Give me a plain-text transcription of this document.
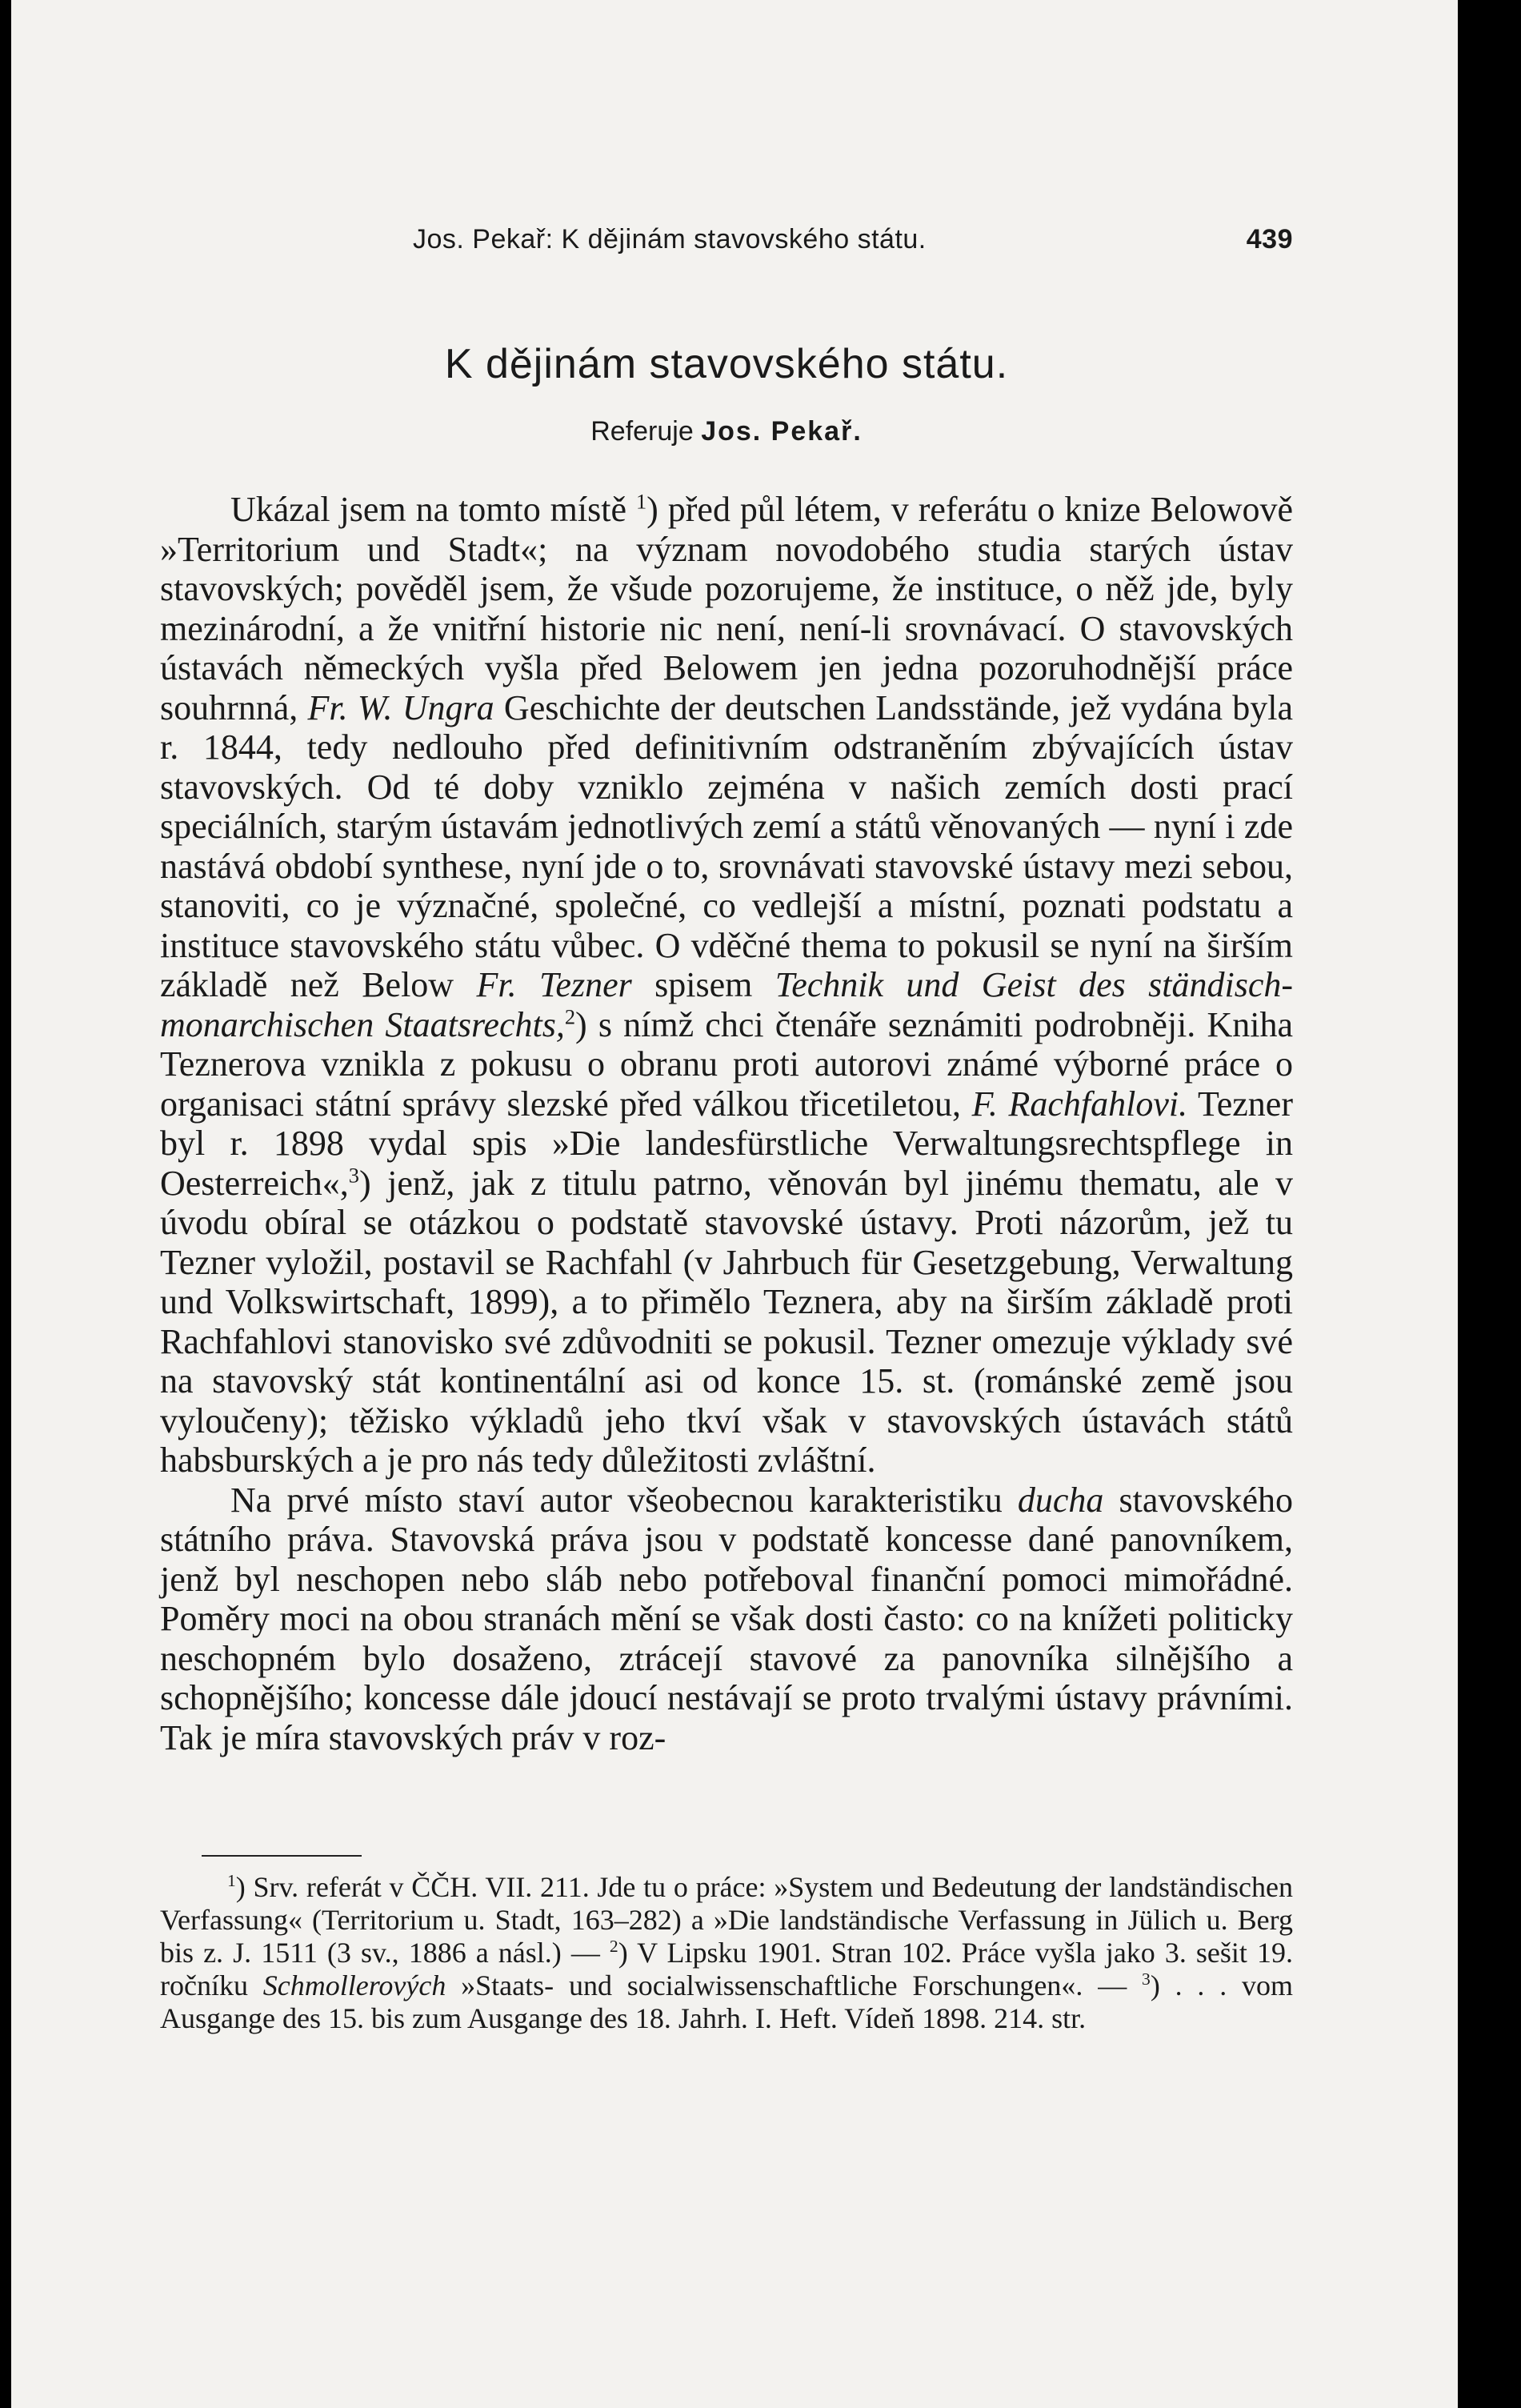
Jos. Pekař: K dějinám stavovského státu.	439
K dějinám stavovského státu.
Referuje Jos. Pekař.

Ukázal jsem na tomto místě $^1$) před půl létem, v referátu o knize Belowově »Territorium und Stadt«; na význam novodobého studia starých ústav stavovských; pověděl jsem, že všude pozorujeme, že instituce, o něž jde, byly mezinárodní, a že vnitřní historie nic není, není-li srovnávací. O stavovských ústavách německých vyšla před Belowem jen jedna pozoruhodnější práce souhrnná, Fr. W. Ungra Geschichte der deutschen Landsstände, jež vydána byla r. 1844, tedy nedlouho před definitivním odstraněním zbývajících ústav stavovských. Od té doby vzniklo zejména v našich zemích dosti prací speciálních, starým ústavám jednotlivých zemí a států věnovaných — nyní i zde nastává období synthese, nyní jde o to, srovnávati stavovské ústavy mezi sebou, stanoviti, co je význačné, společné, co vedlejší a místní, poznati podstatu a instituce stavovského státu vůbec. O vděčné thema to pokusil se nyní na širším základě než Below Fr. Tezner spisem Technik und Geist des ständisch-monarchischen Staatsrechts,$^2$) s nímž chci čtenáře seznámiti podrobněji. Kniha Teznerova vznikla z pokusu o obranu proti autorovi známé výborné práce o organisaci státní správy slezské před válkou třicetiletou, F. Rachfahlovi. Tezner byl r. 1898 vydal spis »Die landesfürstliche Verwaltungsrechtspflege in Oesterreich«,$^3$) jenž, jak z titulu patrno, věnován byl jinému thematu, ale v úvodu obíral se otázkou o podstatě stavovské ústavy. Proti názorům, jež tu Tezner vyložil, postavil se Rachfahl (v Jahrbuch für Gesetzgebung, Verwaltung und Volkswirtschaft, 1899), a to přimělo Teznera, aby na širším základě proti Rachfahlovi stanovisko své zdůvodniti se pokusil. Tezner omezuje výklady své na stavovský stát kontinentální asi od konce 15. st. (románské země jsou vyloučeny); těžisko výkladů jeho tkví však v stavovských ústavách států habsburských a je pro nás tedy důležitosti zvláštní.

Na prvé místo staví autor všeobecnou karakteristiku ducha stavovského státního práva. Stavovská práva jsou v podstatě koncesse dané panovníkem, jenž byl neschopen nebo sláb nebo potřeboval finanční pomoci mimořádné. Poměry moci na obou stranách mění se však dosti často: co na knížeti politicky neschopném bylo dosaženo, ztrácejí stavové za panovníka silnějšího a schopnějšího; koncesse dále jdoucí nestávají se proto trvalými ústavy právními. Tak je míra stavovských práv v roz-

$^1$) Srv. referát v ČČH. VII. 211. Jde tu o práce: »System und Bedeutung der landständischen Verfassung« (Territorium u. Stadt, 163–282) a »Die landständische Verfassung in Jülich u. Berg bis z. J. 1511 (3 sv., 1886 a násl.) — $^2$) V Lipsku 1901. Stran 102. Práce vyšla jako 3. sešit 19. ročníku Schmollerových »Staats- und socialwissenschaftliche Forschungen«. — $^3$) . . . vom Ausgange des 15. bis zum Ausgange des 18. Jahrh. I. Heft. Vídeň 1898. 214. str.
